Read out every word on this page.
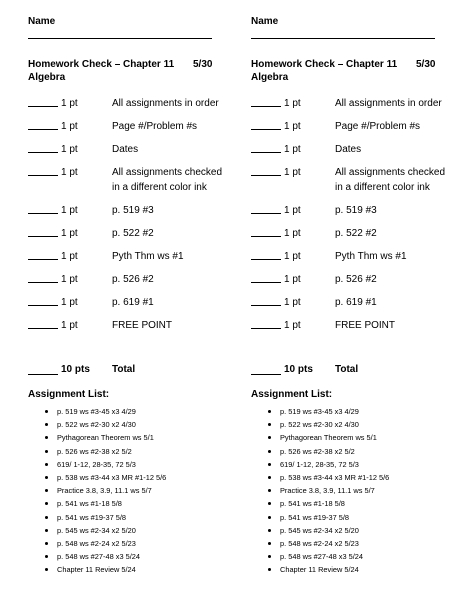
Name
Homework Check – Chapter 11
Algebra
5/30
1 pt	All assignments in order
1 pt	Page #/Problem #s
1 pt	Dates
1 pt	All assignments checked in a different color ink
1 pt	p. 519 #3
1 pt	p. 522 #2
1 pt	Pyth Thm ws #1
1 pt	p. 526 #2
1 pt	p. 619 #1
1 pt	FREE POINT
10 pts Total
Assignment List:
p. 519 ws #3-45 x3 4/29
p. 522 ws #2-30 x2 4/30
Pythagorean Theorem ws 5/1
p. 526 ws #2-38 x2 5/2
619/ 1-12, 28-35, 72 5/3
p. 538 ws #3-44 x3 MR #1-12 5/6
Practice 3.8, 3.9, 11.1 ws 5/7
p. 541 ws #1-18 5/8
p. 541 ws #19-37 5/8
p. 545 ws #2-34 x2 5/20
p. 548 ws #2-24 x2 5/23
p. 548 ws #27-48 x3 5/24
Chapter 11 Review 5/24
Name
Homework Check – Chapter 11
Algebra
5/30
1 pt	All assignments in order
1 pt	Page #/Problem #s
1 pt	Dates
1 pt	All assignments checked in a different color ink
1 pt	p. 519 #3
1 pt	p. 522 #2
1 pt	Pyth Thm ws #1
1 pt	p. 526 #2
1 pt	p. 619 #1
1 pt	FREE POINT
10 pts Total
Assignment List:
p. 519 ws #3-45 x3 4/29
p. 522 ws #2-30 x2 4/30
Pythagorean Theorem ws 5/1
p. 526 ws #2-38 x2 5/2
619/ 1-12, 28-35, 72 5/3
p. 538 ws #3-44 x3 MR #1-12 5/6
Practice 3.8, 3.9, 11.1 ws 5/7
p. 541 ws #1-18 5/8
p. 541 ws #19-37 5/8
p. 545 ws #2-34 x2 5/20
p. 548 ws #2-24 x2 5/23
p. 548 ws #27-48 x3 5/24
Chapter 11 Review 5/24
